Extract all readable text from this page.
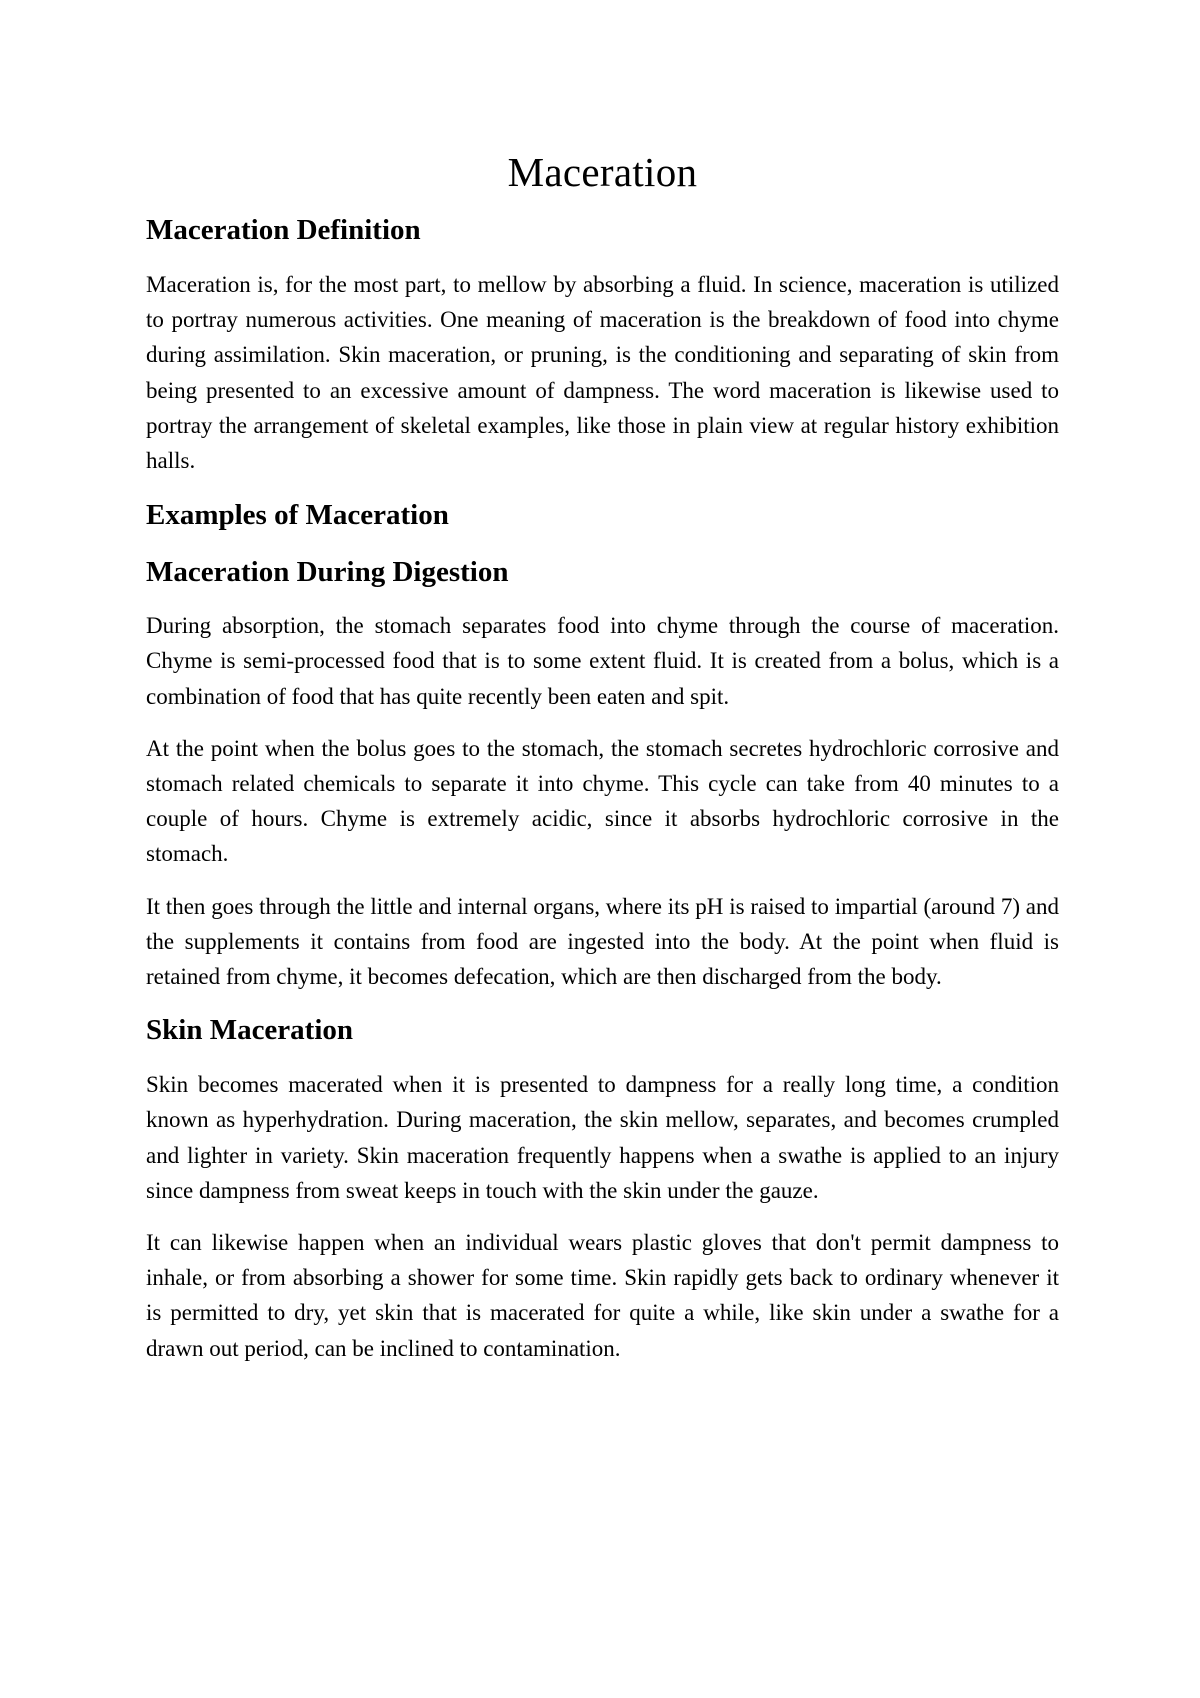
Maceration
Maceration Definition

Maceration is, for the most part, to mellow by absorbing a fluid. In science, maceration is utilized to portray numerous activities. One meaning of maceration is the breakdown of food into chyme during assimilation. Skin maceration, or pruning, is the conditioning and separating of skin from being presented to an excessive amount of dampness. The word maceration is likewise used to portray the arrangement of skeletal examples, like those in plain view at regular history exhibition halls.

Examples of Maceration
Maceration During Digestion

During absorption, the stomach separates food into chyme through the course of maceration. Chyme is semi-processed food that is to some extent fluid. It is created from a bolus, which is a combination of food that has quite recently been eaten and spit.

At the point when the bolus goes to the stomach, the stomach secretes hydrochloric corrosive and stomach related chemicals to separate it into chyme. This cycle can take from 40 minutes to a couple of hours. Chyme is extremely acidic, since it absorbs hydrochloric corrosive in the stomach.

It then goes through the little and internal organs, where its pH is raised to impartial (around 7) and the supplements it contains from food are ingested into the body. At the point when fluid is retained from chyme, it becomes defecation, which are then discharged from the body.

Skin Maceration

Skin becomes macerated when it is presented to dampness for a really long time, a condition known as hyperhydration. During maceration, the skin mellow, separates, and becomes crumpled and lighter in variety. Skin maceration frequently happens when a swathe is applied to an injury since dampness from sweat keeps in touch with the skin under the gauze.

It can likewise happen when an individual wears plastic gloves that don't permit dampness to inhale, or from absorbing a shower for some time. Skin rapidly gets back to ordinary whenever it is permitted to dry, yet skin that is macerated for quite a while, like skin under a swathe for a drawn out period, can be inclined to contamination.
